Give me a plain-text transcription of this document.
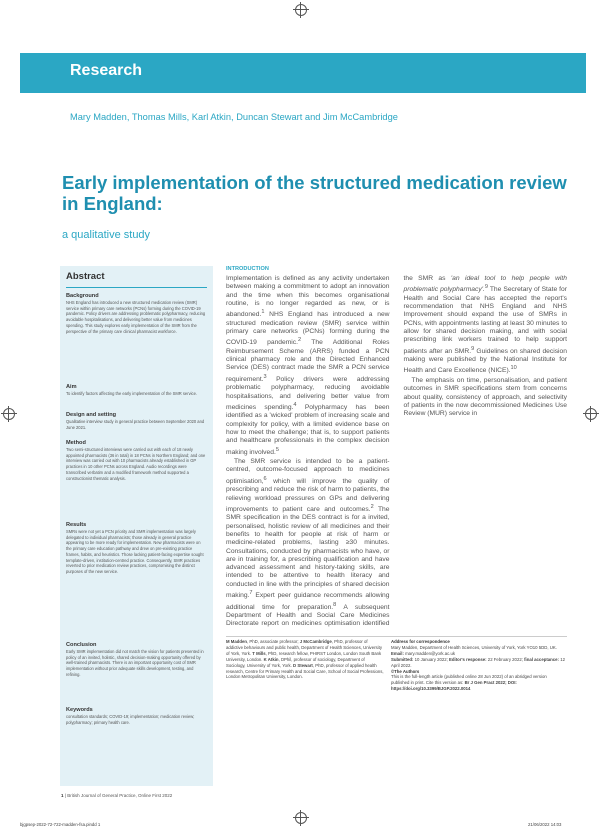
Research
Mary Madden, Thomas Mills, Karl Atkin, Duncan Stewart and Jim McCambridge
Early implementation of the structured medication review in England:
a qualitative study
Abstract
Background
NHS England has introduced a new structured medication review (SMR) service within primary care networks (PCNs) forming during the COVID-19 pandemic. Policy drivers are addressing problematic polypharmacy, reducing avoidable hospitalisations, and delivering better value from medicines spending. This study explores early implementation of the SMR from the perspective of the primary care clinical pharmacist workforce.
Aim
To identify factors affecting the early implementation of the SMR service.
Design and setting
Qualitative interview study in general practice between September 2020 and June 2021.
Method
Two semi-structured interviews were carried out with each of 18 newly appointed pharmacists (36 in total) in 18 PCNs in Northern England; and one interview was carried out with 10 pharmacists already established in GP practices in 10 other PCNs across England. Audio recordings were transcribed verbatim and a modified framework method supported a constructionist thematic analysis.
Results
SMRs were not yet a PCN priority and SMR implementation was largely delegated to individual pharmacists; those already in general practice appearing to be more ready for implementation. New pharmacists were on the primary care education pathway and drew on pre-existing practice frames, habits, and heuristics. Those lacking patient-facing expertise sought template-driven, institution-centred practice. Consequently, SMR practices reverted to prior medication review practices, compromising the distinct purposes of the new service.
Conclusion
Early SMR implementation did not match the vision for patients presented in policy of an invited, holistic, shared decision-making opportunity offered by well-trained pharmacists. There is an important opportunity cost of SMR implementation without prior adequate skills development, testing, and refining.
Keywords
consultation standards; COVID-19; implementation; medication review; polypharmacy; primary health care.
INTRODUCTION

Implementation is defined as any activity undertaken between making a commitment to adopt an innovation and the time when this becomes organisational routine, is no longer regarded as new, or is abandoned.$^1$ NHS England has introduced a new structured medication review (SMR) service within primary care networks (PCNs) forming during the COVID-19 pandemic.$^2$ The Additional Roles Reimbursement Scheme (ARRS) funded a PCN clinical pharmacy role and the Directed Enhanced Service (DES) contract made the SMR a PCN service requirement.$^3$ Policy drivers were addressing problematic polypharmacy, reducing avoidable hospitalisations, and delivering better value from medicines spending.$^4$ Polypharmacy has been identified as a 'wicked' problem of increasing scale and complexity for policy, with a limited evidence base on how to meet the challenge; that is, to support patients and healthcare professionals in the complex decision making involved.$^5$

The SMR service is intended to be a patient-centred, outcome-focused approach to medicines optimisation,$^6$ which will improve the quality of prescribing and reduce the risk of harm to patients, the relieving workload pressures on GPs and delivering improvements to patient care and outcomes.$^2$ The SMR specification in the DES contract is for a invited, personalised, holistic review of all medicines and their benefits to health for people at risk of harm or medicine-related problems, lasting ≥30 minutes. Consultations, conducted by pharmacists who have, or are in training for, a prescribing qualification and have advanced assessment and history-taking skills, are intended to be attentive to health literacy and conducted in line with the principles of shared decision making.$^7$ Expert peer guidance recommends allowing additional time for preparation.$^8$ A subsequent Department of Health and Social Care Medicines Directorate report on medicines optimisation identified the SMR as 'an ideal tool to help people with problematic polypharmacy'.$^9$ The Secretary of State for Health and Social Care has accepted the report's recommendation that NHS England and NHS Improvement should expand the use of SMRs in PCNs, with appointments lasting at least 30 minutes to allow for shared decision making, and with social prescribing link workers trained to help support patients after an SMR.$^9$ Guidelines on shared decision making were published by the National Institute for Health and Care Excellence (NICE).$^{10}$

The emphasis on time, personalisation, and patient outcomes in SMR specifications stem from concerns about quality, consistency of approach, and selectivity of patients in the now decommissioned Medicines Use Review (MUR) service in

M Madden, PhD, associate professor; J McCambridge, PhD, professor of addictive behaviours and public health, Department of Health Sciences, University of York, York. T Mills, PhD, research fellow, PHIRST London, London South Bank University, London. K Atkin, DPhil, professor of sociology, Department of Sociology, University of York, York. D Stewart, PhD, professor of applied health research, Centre for Primary Health and Social Care, School of Social Professions, London Metropolitan University, London.
Address for correspondence
Mary Madden, Department of Health Sciences, University of York, York YO10 5DD, UK.
Email: mary.madden@york.ac.uk
Submitted: 10 January 2022; Editor's response: 22 February 2022; final acceptance: 12 April 2022.
©The Authors
This is the full-length article (published online 28 Jun 2022) of an abridged version published in print. Cite this version as: Br J Gen Pract 2022; DOI: https://doi.org/10.3399/BJGP.2022.0014
1 | British Journal of General Practice, Online First 2022
bjgpsep-2022-72-722-madden-fsa.pindd 1	21/06/2022 14:03
